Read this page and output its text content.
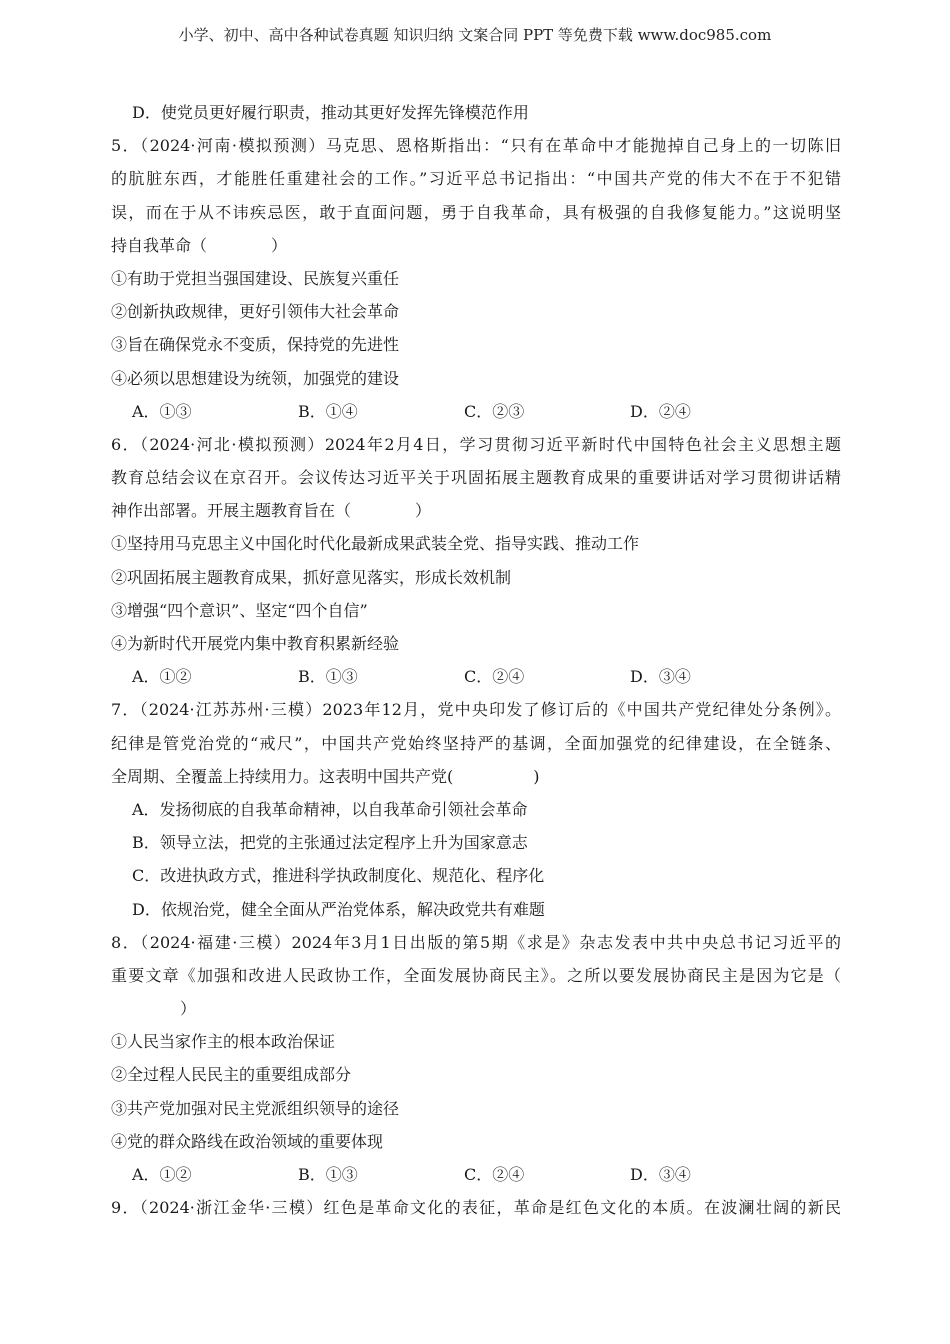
小学、初中、高中各种试卷真题 知识归纳 文案合同 PPT 等免费下载 www.doc985.com
D．使党员更好履行职责，推动其更好发挥先锋模范作用
5．（2024·河南·模拟预测）马克思、恩格斯指出：“只有在革命中才能抛掉自己身上的一切陈旧
的肮脏东西，才能胜任重建社会的工作。”习近平总书记指出：“中国共产党的伟大不在于不犯错
误，而在于从不讳疾忌医，敢于直面问题，勇于自我革命，具有极强的自我修复能力。”这说明坚
持自我革命（　　　　）
①有助于党担当强国建设、民族复兴重任
②创新执政规律，更好引领伟大社会革命
③旨在确保党永不变质，保持党的先进性
④必须以思想建设为统领，加强党的建设
A．①③	B．①④	C．②③	D．②④
6．（2024·河北·模拟预测）2024年2月4日，学习贯彻习近平新时代中国特色社会主义思想主题
教育总结会议在京召开。会议传达习近平关于巩固拓展主题教育成果的重要讲话对学习贯彻讲话精
神作出部署。开展主题教育旨在（　　　　）
①坚持用马克思主义中国化时代化最新成果武装全党、指导实践、推动工作
②巩固拓展主题教育成果，抓好意见落实，形成长效机制
③增强“四个意识”、坚定“四个自信”
④为新时代开展党内集中教育积累新经验
A．①②	B．①③	C．②④	D．③④
7．（2024·江苏苏州·三模）2023年12月，党中央印发了修订后的《中国共产党纪律处分条例》。
纪律是管党治党的“戒尺”，中国共产党始终坚持严的基调，全面加强党的纪律建设，在全链条、
全周期、全覆盖上持续用力。这表明中国共产党(　　　　　)
A．发扬彻底的自我革命精神，以自我革命引领社会革命
B．领导立法，把党的主张通过法定程序上升为国家意志
C．改进执政方式，推进科学执政制度化、规范化、程序化
D．依规治党，健全全面从严治党体系，解决政党共有难题
8．（2024·福建·三模）2024年3月1日出版的第5期《求是》杂志发表中共中央总书记习近平的
重要文章《加强和改进人民政协工作，全面发展协商民主》。之所以要发展协商民主是因为它是（
　　　）
①人民当家作主的根本政治保证
②全过程人民民主的重要组成部分
③共产党加强对民主党派组织领导的途径
④党的群众路线在政治领域的重要体现
A．①②	B．①③	C．②④	D．③④
9．（2024·浙江金华·三模）红色是革命文化的表征，革命是红色文化的本质。在波澜壮阔的新民
